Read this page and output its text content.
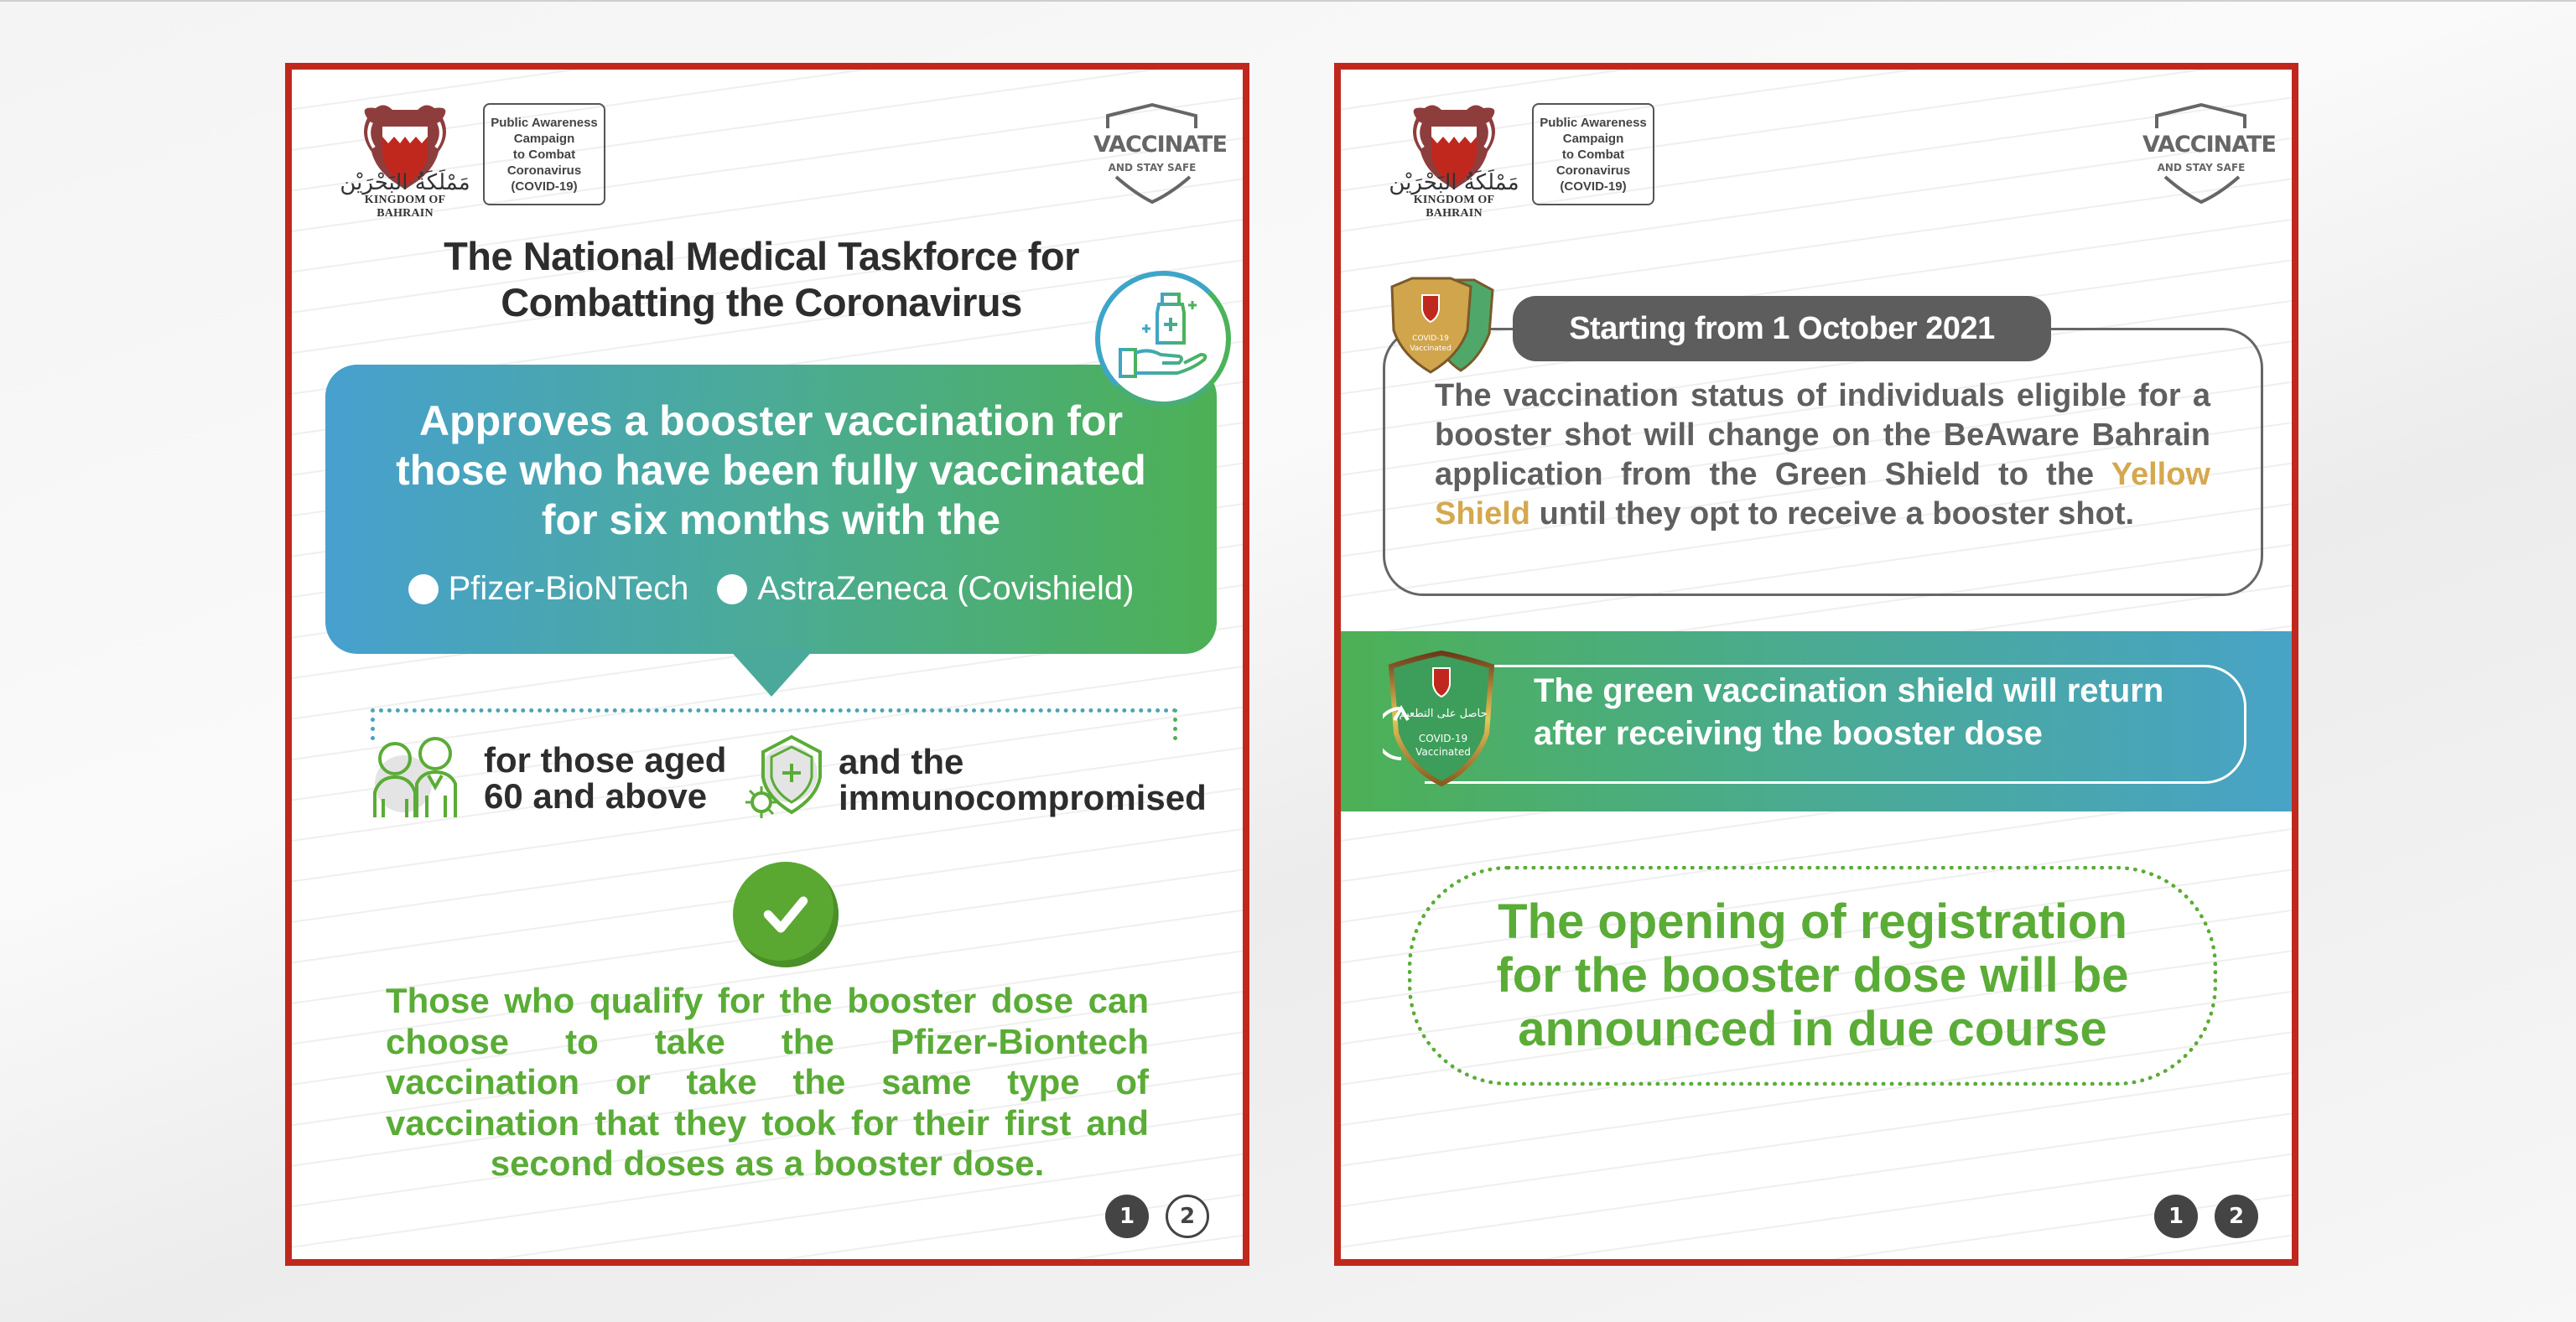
مَمْلَكَةُ البَحْرَيْن
KINGDOM OF BAHRAIN
Public Awareness
Campaign
to Combat
Coronavirus
(COVID-19)
VACCINATE
AND STAY SAFE
The National Medical Taskforce for
Combatting the Coronavirus
Approves a booster vaccination for
those who have been fully vaccinated
for six months with the
Pfizer-BioNTech AstraZeneca (Covishield)
for those aged
60 and above
and the
immunocompromised
Those who qualify for the booster dose can choose to take the Pfizer-Biontech vaccination or take the same type of vaccination that they took for their first and second doses as a booster dose.
1	2
مَمْلَكَةُ البَحْرَيْن
KINGDOM OF BAHRAIN
Public Awareness
Campaign
to Combat
Coronavirus
(COVID-19)
VACCINATE
AND STAY SAFE
COVID-19
Vaccinated
Starting from 1 October 2021
The vaccination status of individuals eligible for a booster shot will change on the BeAware Bahrain application from the Green Shield to the Yellow Shield until they opt to receive a booster shot.
حاصل على التطعيم
COVID-19
Vaccinated
The green vaccination shield will return
after receiving the booster dose
The opening of registration
for the booster dose will be
announced in due course
1	2
